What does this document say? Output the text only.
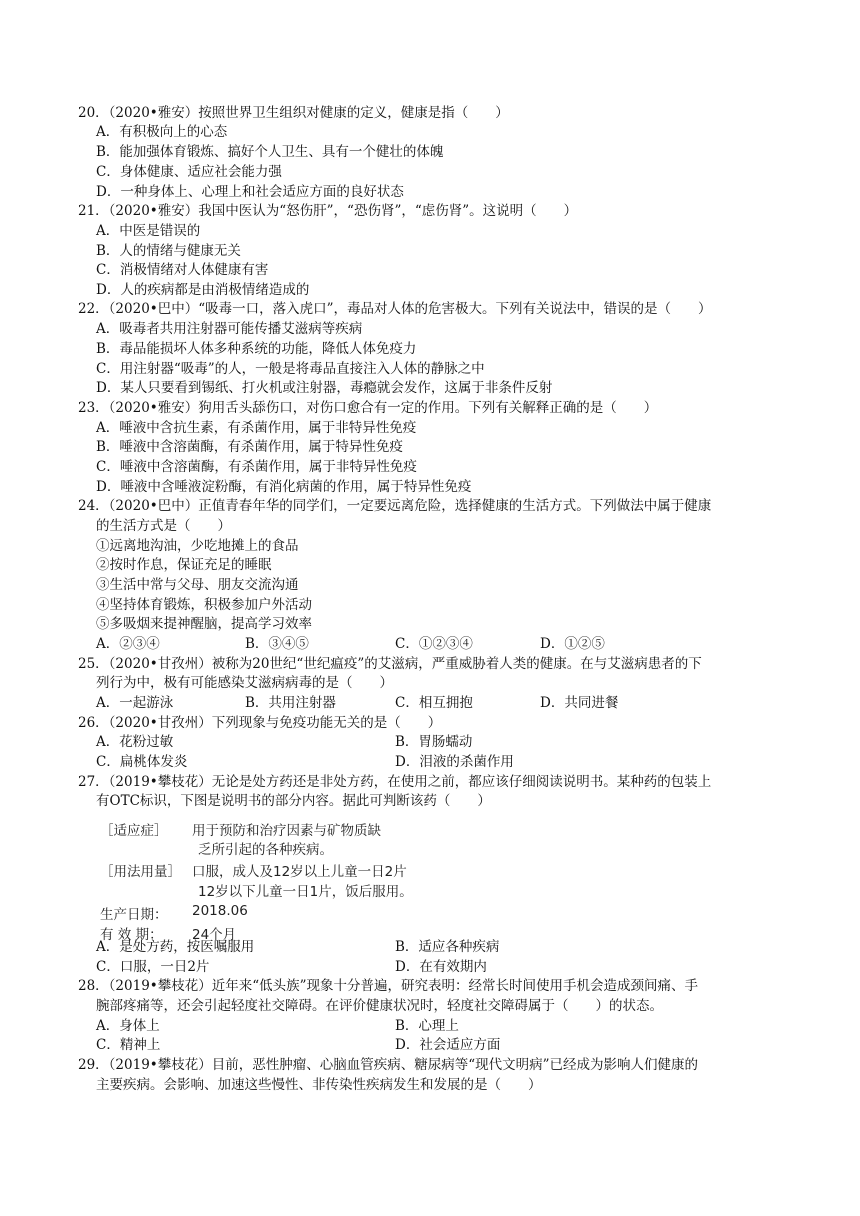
20．（2020•雅安）按照世界卫生组织对健康的定义，健康是指（　　）
A．有积极向上的心态
B．能加强体育锻炼、搞好个人卫生、具有一个健壮的体魄
C．身体健康、适应社会能力强
D．一种身体上、心理上和社会适应方面的良好状态
21．（2020•雅安）我国中医认为“怒伤肝”，“恐伤肾”，“虑伤肾”。这说明（　　）
A．中医是错误的
B．人的情绪与健康无关
C．消极情绪对人体健康有害
D．人的疾病都是由消极情绪造成的
22．（2020•巴中）“吸毒一口，落入虎口”，毒品对人体的危害极大。下列有关说法中，错误的是（　　）
A．吸毒者共用注射器可能传播艾滋病等疾病
B．毒品能损坏人体多种系统的功能，降低人体免疫力
C．用注射器“吸毒”的人，一般是将毒品直接注入人体的静脉之中
D．某人只要看到锡纸、打火机或注射器，毒瘾就会发作，这属于非条件反射
23．（2020•雅安）狗用舌头舔伤口，对伤口愈合有一定的作用。下列有关解释正确的是（　　）
A．唾液中含抗生素，有杀菌作用，属于非特异性免疫
B．唾液中含溶菌酶，有杀菌作用，属于特异性免疫
C．唾液中含溶菌酶，有杀菌作用，属于非特异性免疫
D．唾液中含唾液淀粉酶，有消化病菌的作用，属于特异性免疫
24．（2020•巴中）正值青春年华的同学们，一定要远离危险，选择健康的生活方式。下列做法中属于健康
的生活方式是（　　）
①远离地沟油，少吃地摊上的食品
②按时作息，保证充足的睡眠
③生活中常与父母、朋友交流沟通
④坚持体育锻炼，积极参加户外活动
⑤多吸烟来提神醒脑，提高学习效率
A．②③④	B．③④⑤	C．①②③④	D．①②⑤
25．（2020•甘孜州）被称为20世纪“世纪瘟疫”的艾滋病，严重威胁着人类的健康。在与艾滋病患者的下
列行为中，极有可能感染艾滋病病毒的是（　　）
A．一起游泳	B．共用注射器	C．相互拥抱	D．共同进餐
26．（2020•甘孜州）下列现象与免疫功能无关的是（　　）
A．花粉过敏	B．胃肠蠕动
C．扁桃体发炎	D．泪液的杀菌作用
27．（2019•攀枝花）无论是处方药还是非处方药，在使用之前，都应该仔细阅读说明书。某种药的包装上
有OTC标识，下图是说明书的部分内容。据此可判断该药（　　）
［适应症］ 用于预防和治疗因素与矿物质缺
乏所引起的各种疾病。
［用法用量］ 口服，成人及12岁以上儿童一日2片
12岁以下儿童一日1片，饭后服用。
生产日期： 2018.06
有 效 期： 24个月
A．是处方药，按医嘱服用	B．适应各种疾病
C．口服，一日2片	D．在有效期内
28．（2019•攀枝花）近年来“低头族”现象十分普遍，研究表明：经常长时间使用手机会造成颈间痛、手
腕部疼痛等，还会引起轻度社交障碍。在评价健康状况时，轻度社交障碍属于（　　）的状态。
A．身体上	B．心理上
C．精神上	D．社会适应方面
29．（2019•攀枝花）目前，恶性肿瘤、心脑血管疾病、糖尿病等“现代文明病”已经成为影响人们健康的
主要疾病。会影响、加速这些慢性、非传染性疾病发生和发展的是（　　）
